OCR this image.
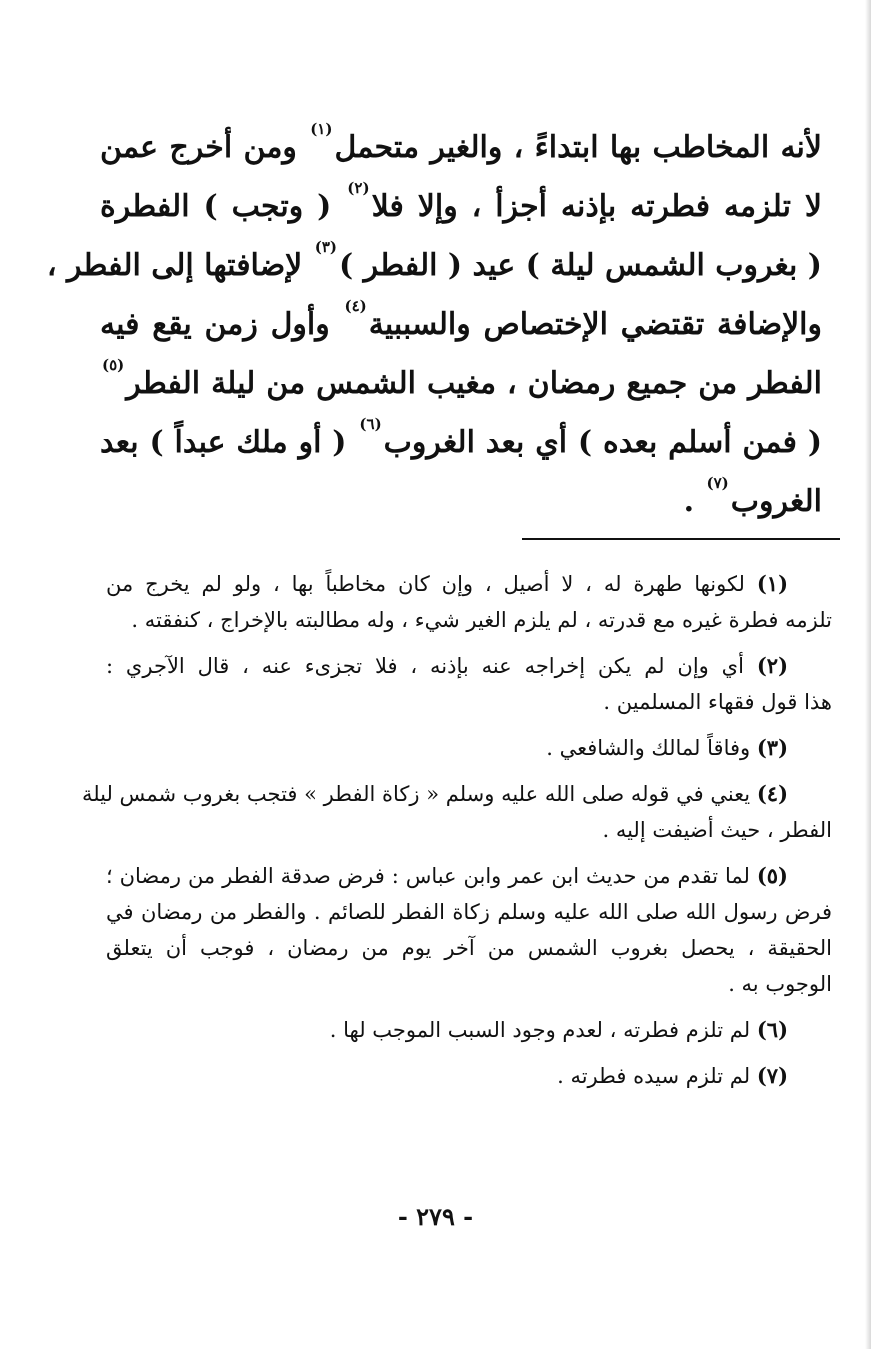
لأنه المخاطب بها ابتداءً ، والغير متحمل$^{(١)}$ ومن أخرج عمن
لا تلزمه فطرته بإذنه أجزأ ، وإلا فلا$^{(٢)}$ ( وتجب ) الفطرة
( بغروب الشمس ليلة ) عيد ( الفطر )$^{(٣)}$ لإضافتها إلى الفطر ،
والإضافة تقتضي الإختصاص والسببية$^{(٤)}$ وأول زمن يقع فيه
الفطر من جميع رمضان ، مغيب الشمس من ليلة الفطر$^{(٥)}$
( فمن أسلم بعده ) أي بعد الغروب$^{(٦)}$ ( أو ملك عبداً ) بعد
الغروب$^{(٧)}$ .
(١) لكونها طهرة له ، لا أصيل ، وإن كان مخاطباً بها ، ولو لم يخرج من
تلزمه فطرة غيره مع قدرته ، لم يلزم الغير شيء ، وله مطالبته بالإخراج ، كنفقته .
(٢) أي وإن لم يكن إخراجه عنه بإذنه ، فلا تجزىء عنه ، قال الآجري :
هذا قول فقهاء المسلمين .
(٣) وفاقاً لمالك والشافعي .
(٤) يعني في قوله صلى الله عليه وسلم « زكاة الفطر » فتجب بغروب شمس ليلة
الفطر ، حيث أضيفت إليه .
(٥) لما تقدم من حديث ابن عمر وابن عباس : فرض صدقة الفطر من رمضان ؛
فرض رسول الله صلى الله عليه وسلم زكاة الفطر للصائم . والفطر من رمضان في
الحقيقة ، يحصل بغروب الشمس من آخر يوم من رمضان ، فوجب أن يتعلق
الوجوب به .
(٦) لم تلزم فطرته ، لعدم وجود السبب الموجب لها .
(٧) لم تلزم سيده فطرته .
- ٢٧٩ -
